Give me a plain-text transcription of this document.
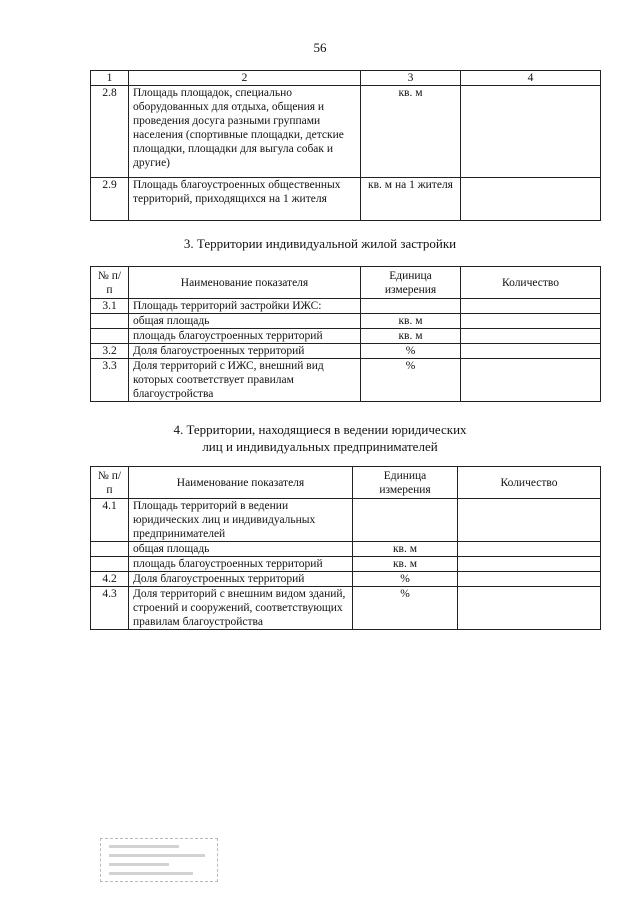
56
1	2	3	4
2.8	Площадь площадок, специально оборудованных для отдыха, общения и проведения досуга разными группами населения (спортивные площадки, детские площадки, площадки для выгула собак и другие)	кв. м	
2.9	Площадь благоустроенных общественных территорий, приходящихся на 1 жителя	кв. м на 1 жителя	
3. Территории индивидуальной жилой застройки
№ п/п	Наименование показателя	Единица измерения	Количество
3.1	Площадь территорий застройки ИЖС:		
	общая площадь	кв. м	
	площадь благоустроенных территорий	кв. м	
3.2	Доля благоустроенных территорий	%	
3.3	Доля территорий с ИЖС, внешний вид которых соответствует правилам благоустройства	%	
4. Территории, находящиеся в ведении юридических
лиц и индивидуальных предпринимателей
№ п/п	Наименование показателя	Единица измерения	Количество
4.1	Площадь территорий в ведении юридических лиц и индивидуальных предпринимателей		
	общая площадь	кв. м	
	площадь благоустроенных территорий	кв. м	
4.2	Доля благоустроенных территорий	%	
4.3	Доля территорий с внешним видом зданий, строений и сооружений, соответствующих правилам благоустройства	%	
